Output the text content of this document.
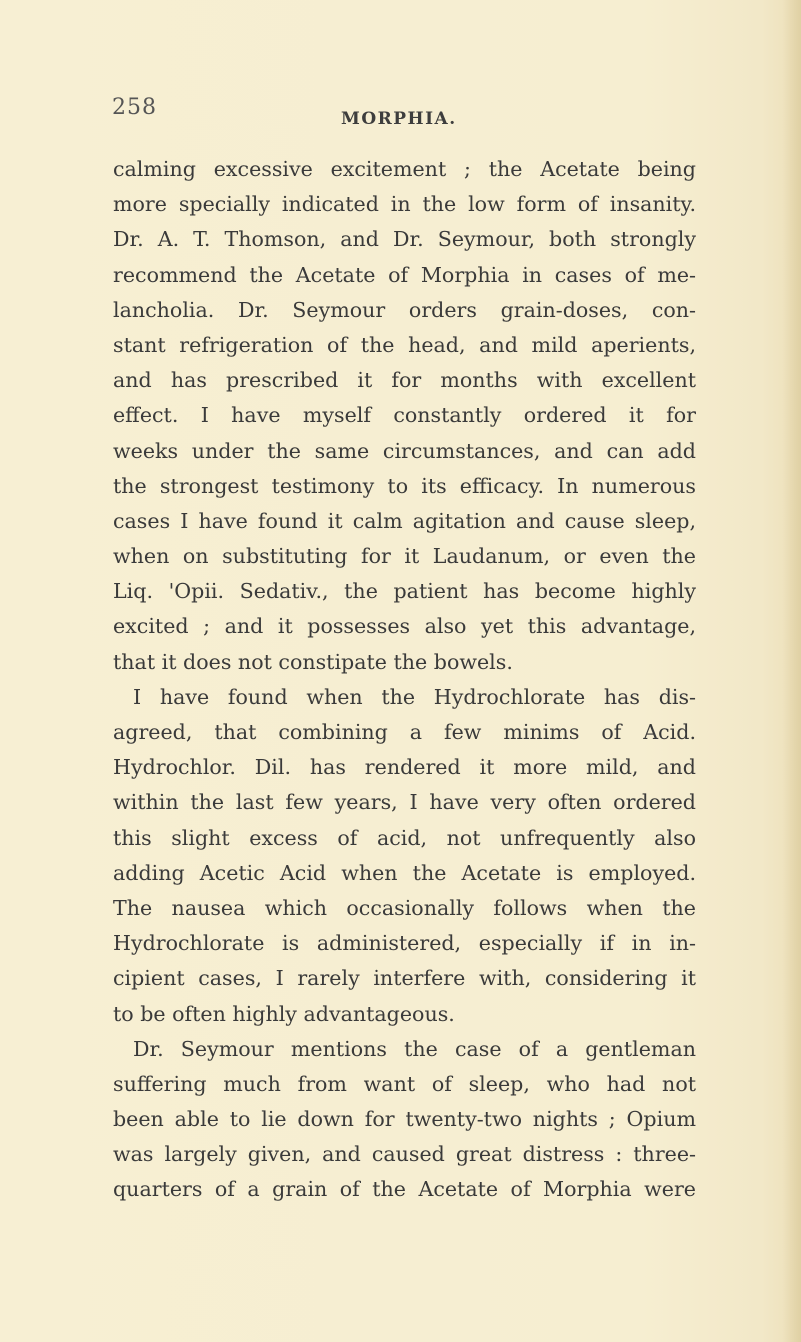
258	MORPHIA.

calming excessive excitement ; the Acetate being
more specially indicated in the low form of insanity.
Dr. A. T. Thomson, and Dr. Seymour, both strongly
recommend the Acetate of Morphia in cases of me-
lancholia. Dr. Seymour orders grain-doses, con-
stant refrigeration of the head, and mild aperients,
and has prescribed it for months with excellent
effect. I have myself constantly ordered it for
weeks under the same circumstances, and can add
the strongest testimony to its efficacy. In numerous
cases I have found it calm agitation and cause sleep,
when on substituting for it Laudanum, or even the
Liq. 'Opii. Sedativ., the patient has become highly
excited ; and it possesses also yet this advantage,
that it does not constipate the bowels.
I have found when the Hydrochlorate has dis-
agreed, that combining a few minims of Acid.
Hydrochlor. Dil. has rendered it more mild, and
within the last few years, I have very often ordered
this slight excess of acid, not unfrequently also
adding Acetic Acid when the Acetate is employed.
The nausea which occasionally follows when the
Hydrochlorate is administered, especially if in in-
cipient cases, I rarely interfere with, considering it
to be often highly advantageous.
Dr. Seymour mentions the case of a gentleman
suffering much from want of sleep, who had not
been able to lie down for twenty-two nights ; Opium
was largely given, and caused great distress : three-
quarters of a grain of the Acetate of Morphia were
